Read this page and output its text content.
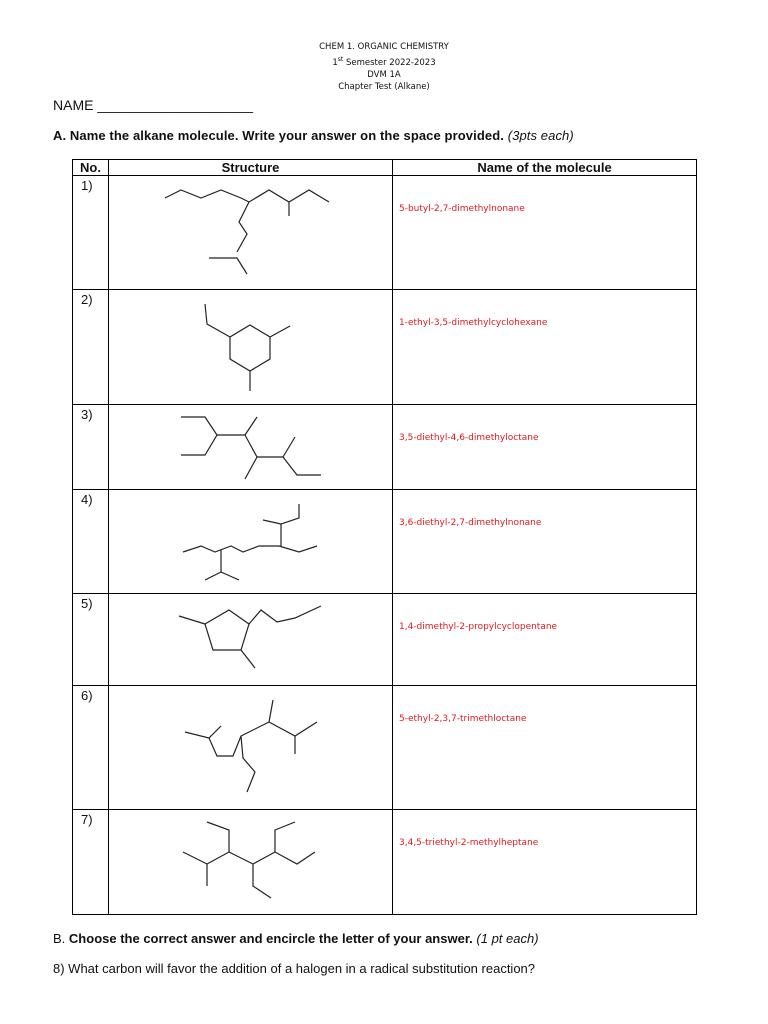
CHEM 1. ORGANIC CHEMISTRY
1st Semester 2022-2023
DVM 1A
Chapter Test (Alkane)
NAME ____________________
A. Name the alkane molecule. Write your answer on the space provided. (3pts each)
No.	Structure	Name of the molecule
1)		5-butyl-2,7-dimethylnonane

2)		1-ethyl-3,5-dimethylcyclohexane

3)		3,5-diethyl-4,6-dimethyloctane

4)		3,6-diethyl-2,7-dimethylnonane

5)		1,4-dimethyl-2-propylcyclopentane

6)		5-ethyl-2,3,7-trimethloctane

7)		3,4,5-triethyl-2-methylheptane
B. Choose the correct answer and encircle the letter of your answer. (1 pt each)
8) What carbon will favor the addition of a halogen in a radical substitution reaction?
